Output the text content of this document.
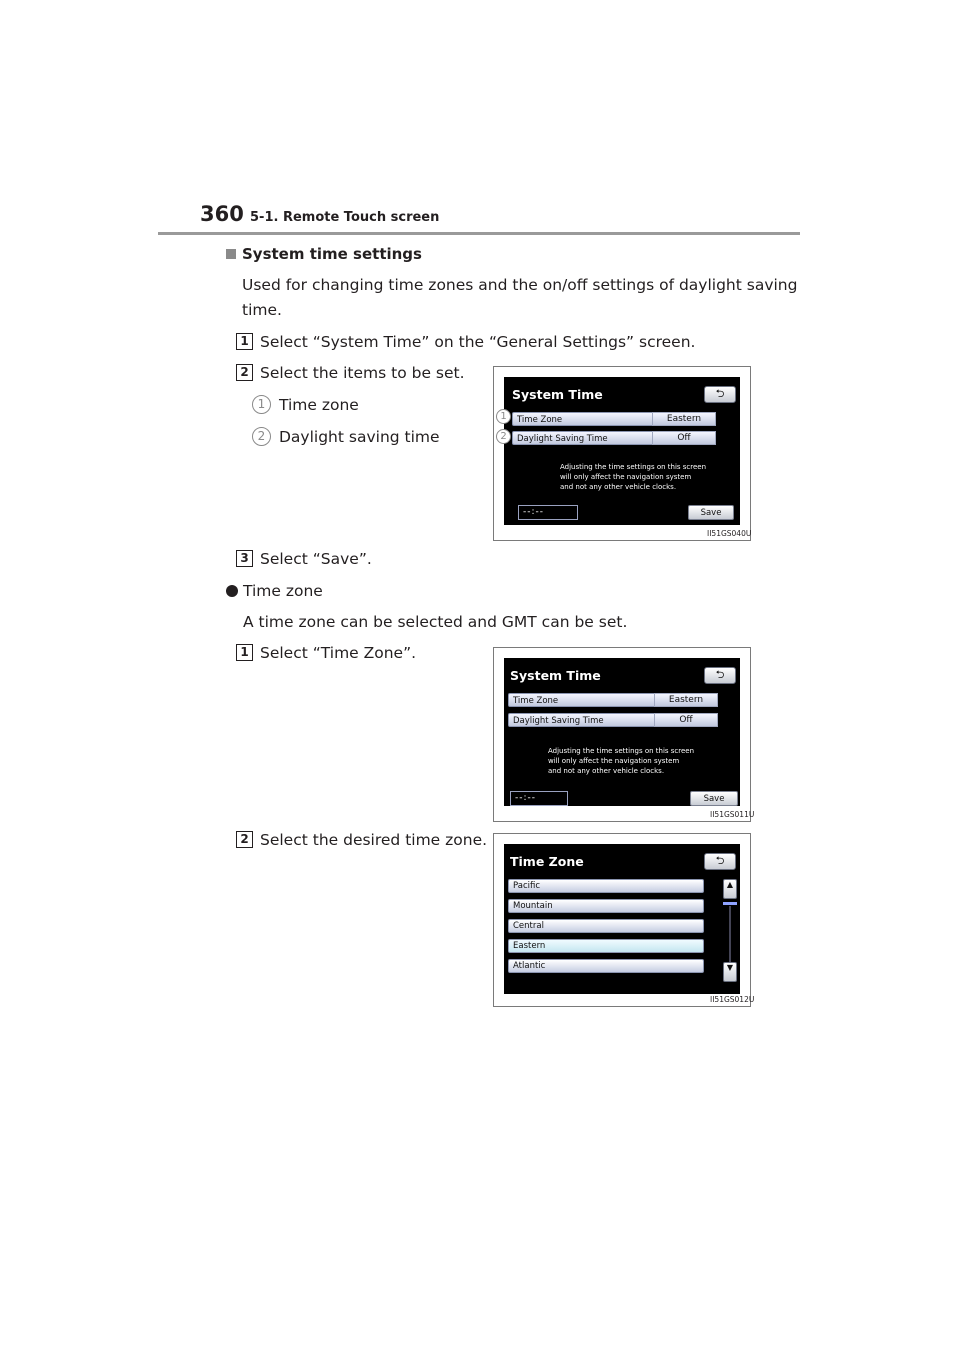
360 5-1. Remote Touch screen
System time settings
Used for changing time zones and the on/off settings of daylight saving
time.
1 Select “System Time” on the “General Settings” screen.
2 Select the items to be set.
1 Time zone
2 Daylight saving time
3 Select “Save”.
Time zone
A time zone can be selected and GMT can be set.
1 Select “Time Zone”.
2 Select the desired time zone.
System Time	⮌
Time Zone	Eastern
Daylight Saving Time	Off
Adjusting the time settings on this screen
will only affect the navigation system
and not any other vehicle clocks.
--:--	Save
1
2
II51GS040U
System Time	⮌
Time Zone	Eastern
Daylight Saving Time	Off
Adjusting the time settings on this screen
will only affect the navigation system
and not any other vehicle clocks.
--:--	Save
II51GS011U
Time Zone	⮌
Pacific
Mountain
Central
Eastern
Atlantic
▲
▼
II51GS012U
